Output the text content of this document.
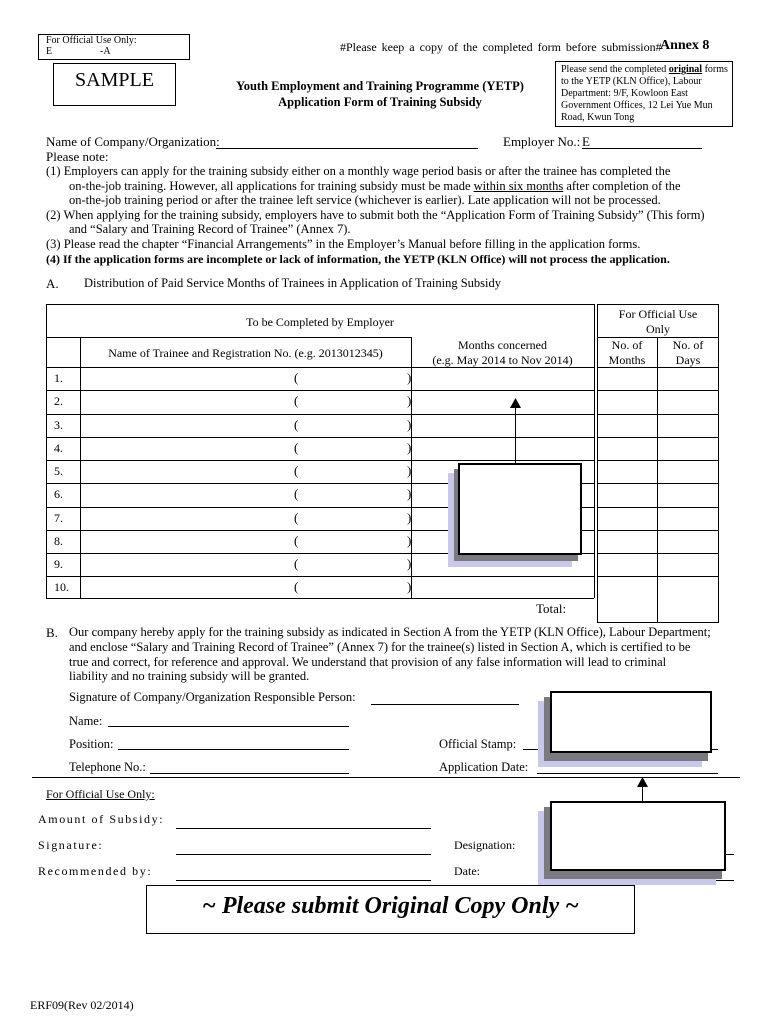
For Official Use Only:
E	-A
SAMPLE
#Please keep a copy of the completed form before submission#
Annex 8
Youth Employment and Training Programme (YETP)
Application Form of Training Subsidy
Please send the completed original forms
to the YETP (KLN Office), Labour
Department: 9/F, Kowloon East
Government Offices, 12 Lei Yue Mun
Road, Kwun Tong
Name of Company/Organization:	Employer No.: E
Please note:
(1) Employers can apply for the training subsidy either on a monthly wage period basis or after the trainee has completed the
on-the-job training. However, all applications for training subsidy must be made within six months after completion of the
on-the-job training period or after the trainee left service (whichever is earlier). Late application will not be processed.
(2) When applying for the training subsidy, employers have to submit both the “Application Form of Training Subsidy” (This form)
and “Salary and Training Record of Trainee” (Annex 7).
(3) Please read the chapter “Financial Arrangements” in the Employer’s Manual before filling in the application forms.
(4) If the application forms are incomplete or lack of information, the YETP (KLN Office) will not process the application.
A. Distribution of Paid Service Months of Trainees in Application of Training Subsidy
To be Completed by Employer
For Official Use
Only
Name of Trainee and Registration No. (e.g. 2013012345)
Months concerned
(e.g. May 2014 to Nov 2014)
No. of
Months
No. of
Days
1.	(	)
2.	(	)
3.	(	)
4.	(	)
5.	(	)
6.	(	)
7.	(	)
8.	(	)
9.	(	)
10.	(	)
Total:
B. Our company hereby apply for the training subsidy as indicated in Section A from the YETP (KLN Office), Labour Department;
and enclose “Salary and Training Record of Trainee” (Annex 7) for the trainee(s) listed in Section A, which is certified to be
true and correct, for reference and approval. We understand that provision of any false information will lead to criminal
liability and no training subsidy will be granted.
Signature of Company/Organization Responsible Person:
Name:
Position:
Telephone No.:
Official Stamp:
Application Date:
For Official Use Only:
Amount of Subsidy:
Signature:
Recommended by:
Designation:
Date:
~ Please submit Original Copy Only ~
ERF09(Rev 02/2014)
